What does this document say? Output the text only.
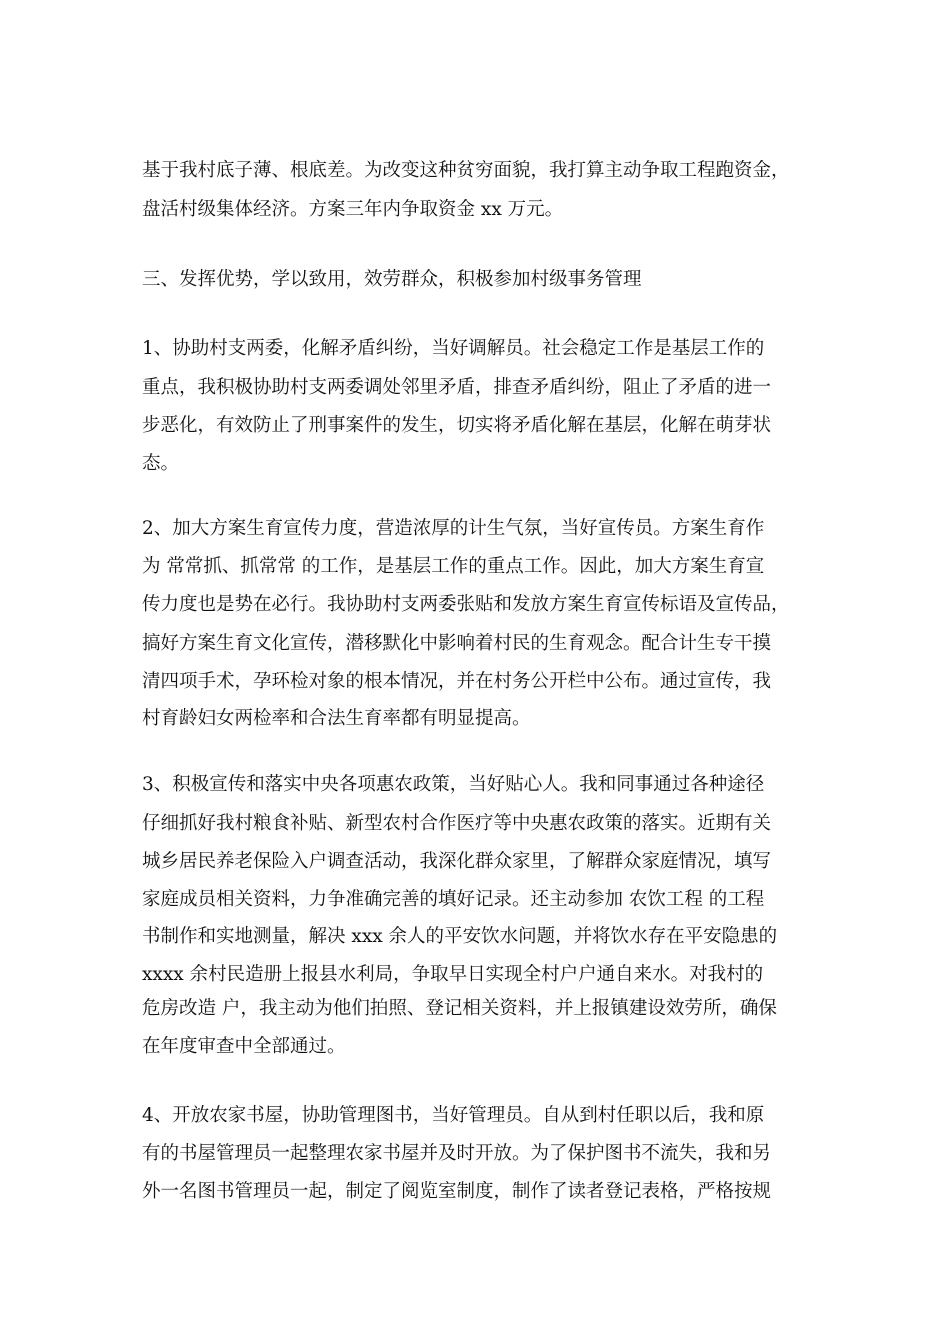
基于我村底子薄、根底差。为改变这种贫穷面貌，我打算主动争取工程跑资金，
盘活村级集体经济。方案三年内争取资金 xx 万元。
三、发挥优势，学以致用，效劳群众，积极参加村级事务管理
1、协助村支两委，化解矛盾纠纷，当好调解员。社会稳定工作是基层工作的
重点，我积极协助村支两委调处邻里矛盾，排查矛盾纠纷，阻止了矛盾的进一
步恶化，有效防止了刑事案件的发生，切实将矛盾化解在基层，化解在萌芽状
态。
2、加大方案生育宣传力度，营造浓厚的计生气氛，当好宣传员。方案生育作
为 常常抓、抓常常 的工作，是基层工作的重点工作。因此，加大方案生育宣
传力度也是势在必行。我协助村支两委张贴和发放方案生育宣传标语及宣传品，
搞好方案生育文化宣传，潜移默化中影响着村民的生育观念。配合计生专干摸
清四项手术，孕环检对象的根本情况，并在村务公开栏中公布。通过宣传，我
村育龄妇女两检率和合法生育率都有明显提高。
3、积极宣传和落实中央各项惠农政策，当好贴心人。我和同事通过各种途径
仔细抓好我村粮食补贴、新型农村合作医疗等中央惠农政策的落实。近期有关
城乡居民养老保险入户调查活动，我深化群众家里，了解群众家庭情况，填写
家庭成员相关资料，力争准确完善的填好记录。还主动参加 农饮工程 的工程
书制作和实地测量，解决 xxx 余人的平安饮水问题，并将饮水存在平安隐患的
xxxx 余村民造册上报县水利局，争取早日实现全村户户通自来水。对我村的
危房改造 户，我主动为他们拍照、登记相关资料，并上报镇建设效劳所，确保
在年度审查中全部通过。
4、开放农家书屋，协助管理图书，当好管理员。自从到村任职以后，我和原
有的书屋管理员一起整理农家书屋并及时开放。为了保护图书不流失，我和另
外一名图书管理员一起，制定了阅览室制度，制作了读者登记表格，严格按规
